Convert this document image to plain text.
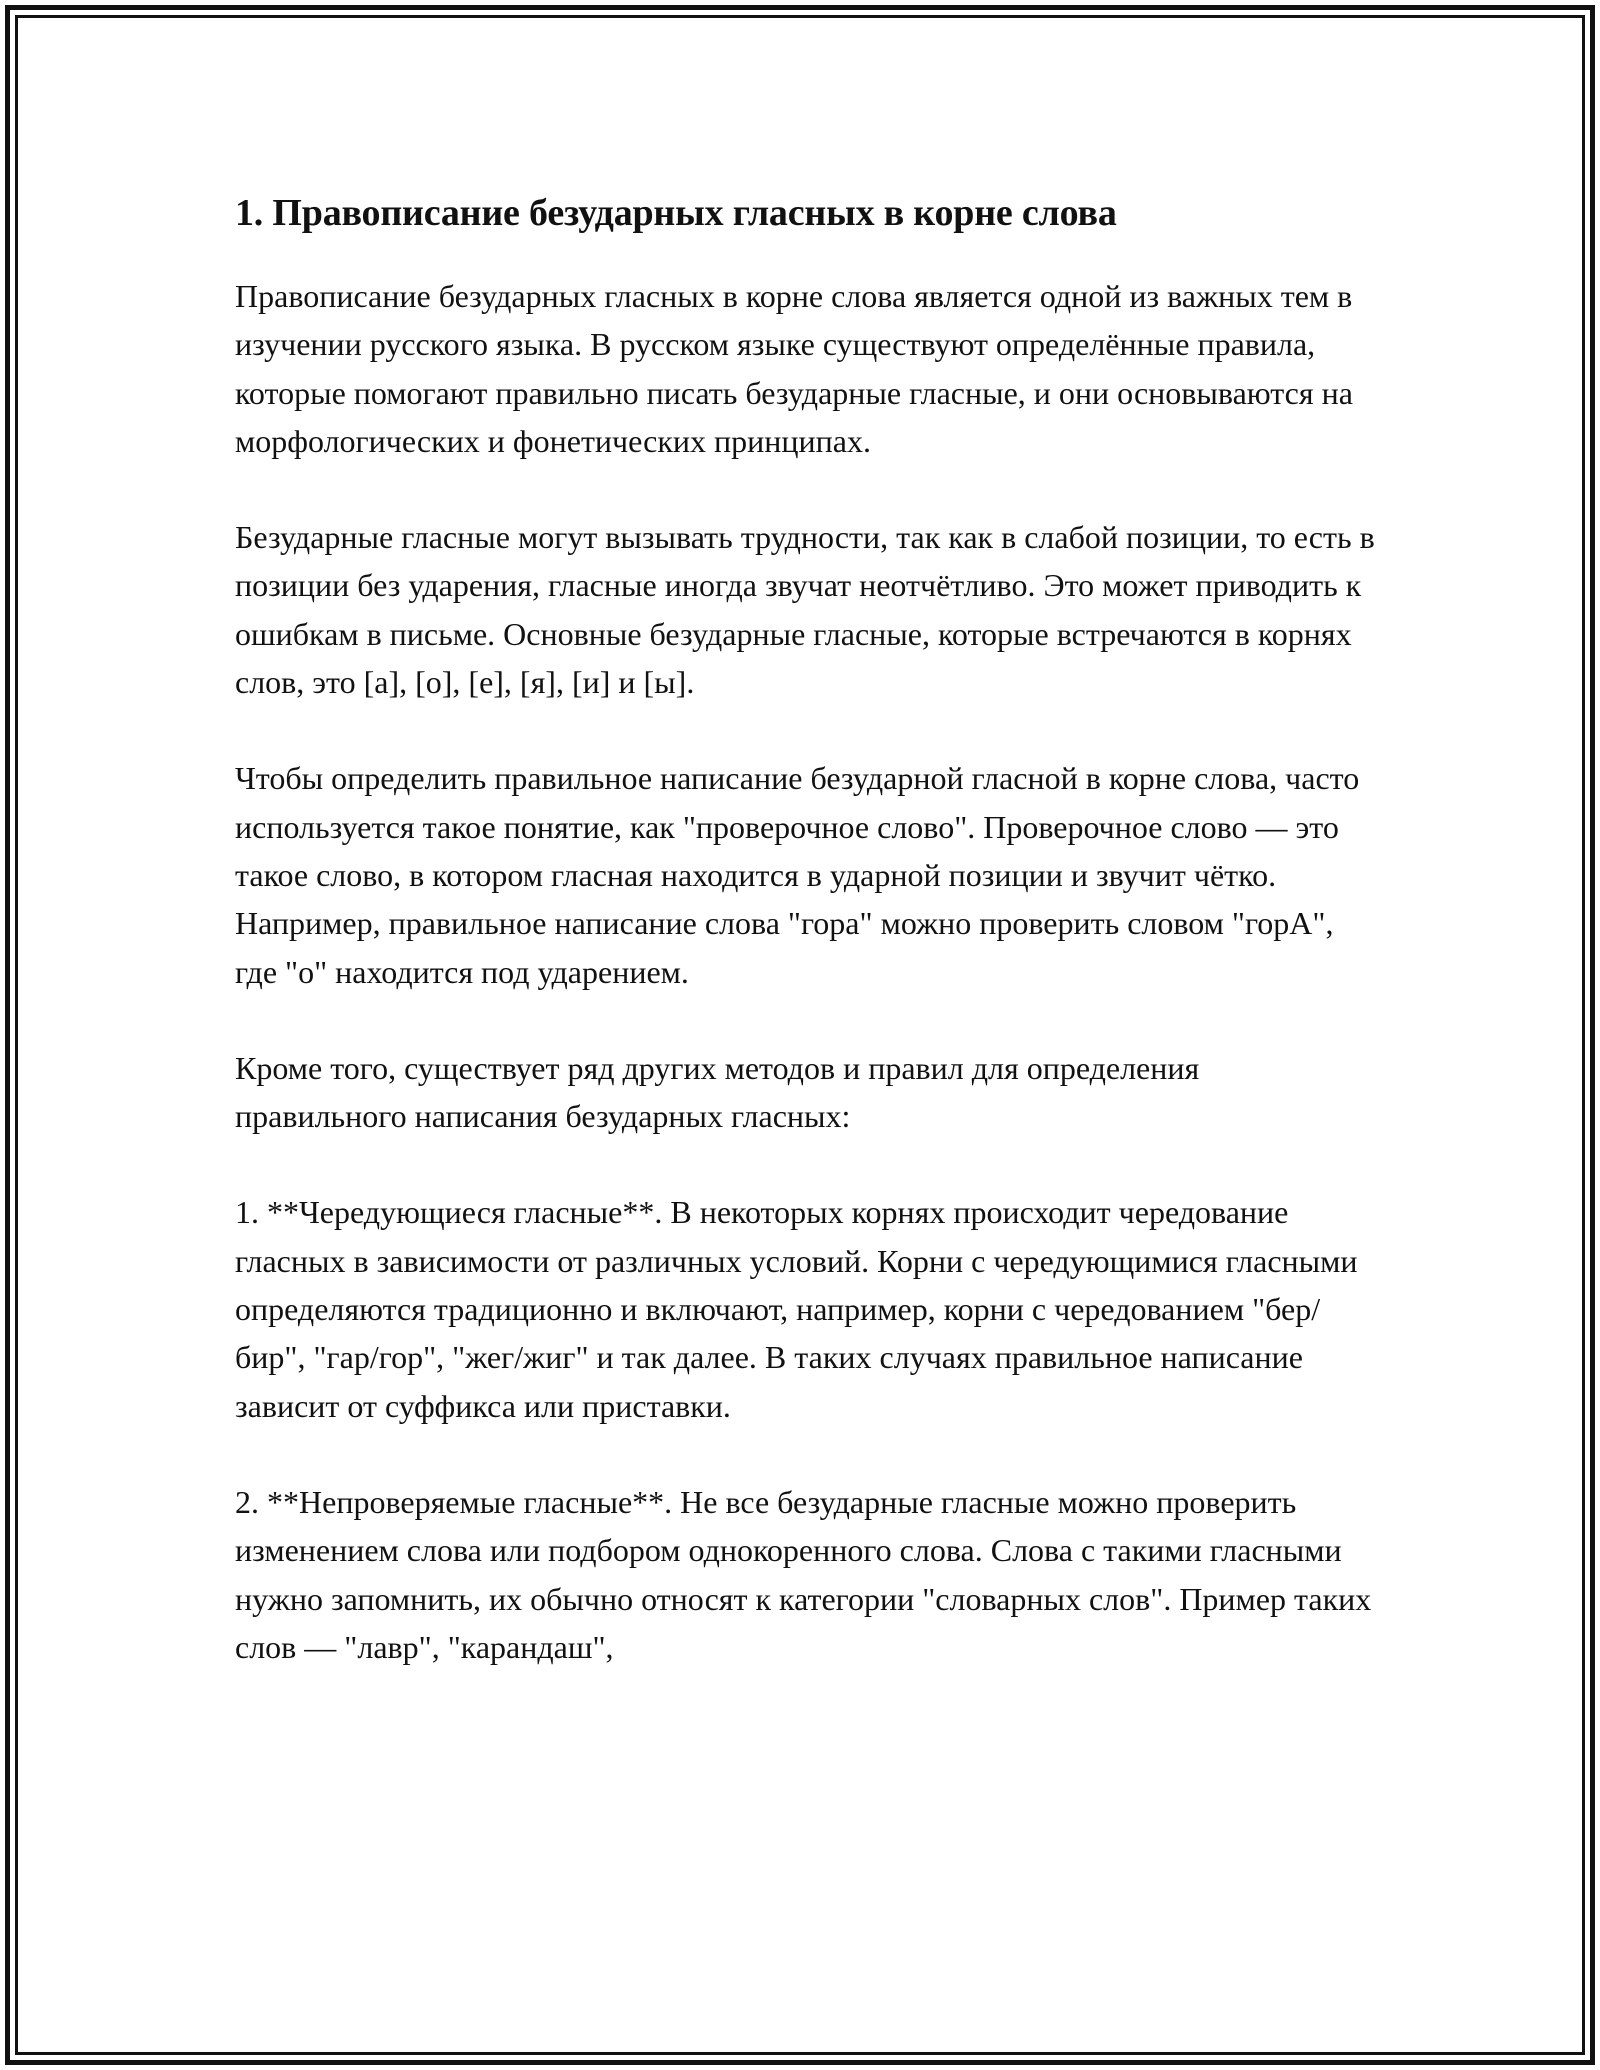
1. Правописание безударных гласных в корне слова

Правописание безударных гласных в корне слова является одной из важных тем в изучении русского языка. В русском языке существуют определённые правила, которые помогают правильно писать безударные гласные, и они основываются на морфологических и фонетических принципах.

Безударные гласные могут вызывать трудности, так как в слабой позиции, то есть в позиции без ударения, гласные иногда звучат неотчётливо. Это может приводить к ошибкам в письме. Основные безударные гласные, которые встречаются в корнях слов, это [а], [о], [е], [я], [и] и [ы].

Чтобы определить правильное написание безударной гласной в корне слова, часто используется такое понятие, как "проверочное слово". Проверочное слово — это такое слово, в котором гласная находится в ударной позиции и звучит чётко. Например, правильное написание слова "гора" можно проверить словом "горА", где "о" находится под ударением.

Кроме того, существует ряд других методов и правил для определения правильного написания безударных гласных:

1. **Чередующиеся гласные**. В некоторых корнях происходит чередование гласных в зависимости от различных условий. Корни с чередующимися гласными определяются традиционно и включают, например, корни с чередованием "бер/бир", "гар/гор", "жег/жиг" и так далее. В таких случаях правильное написание зависит от суффикса или приставки.

2. **Непроверяемые гласные**. Не все безударные гласные можно проверить изменением слова или подбором однокоренного слова. Слова с такими гласными нужно запомнить, их обычно относят к категории "словарных слов". Пример таких слов — "лавр", "карандаш",
